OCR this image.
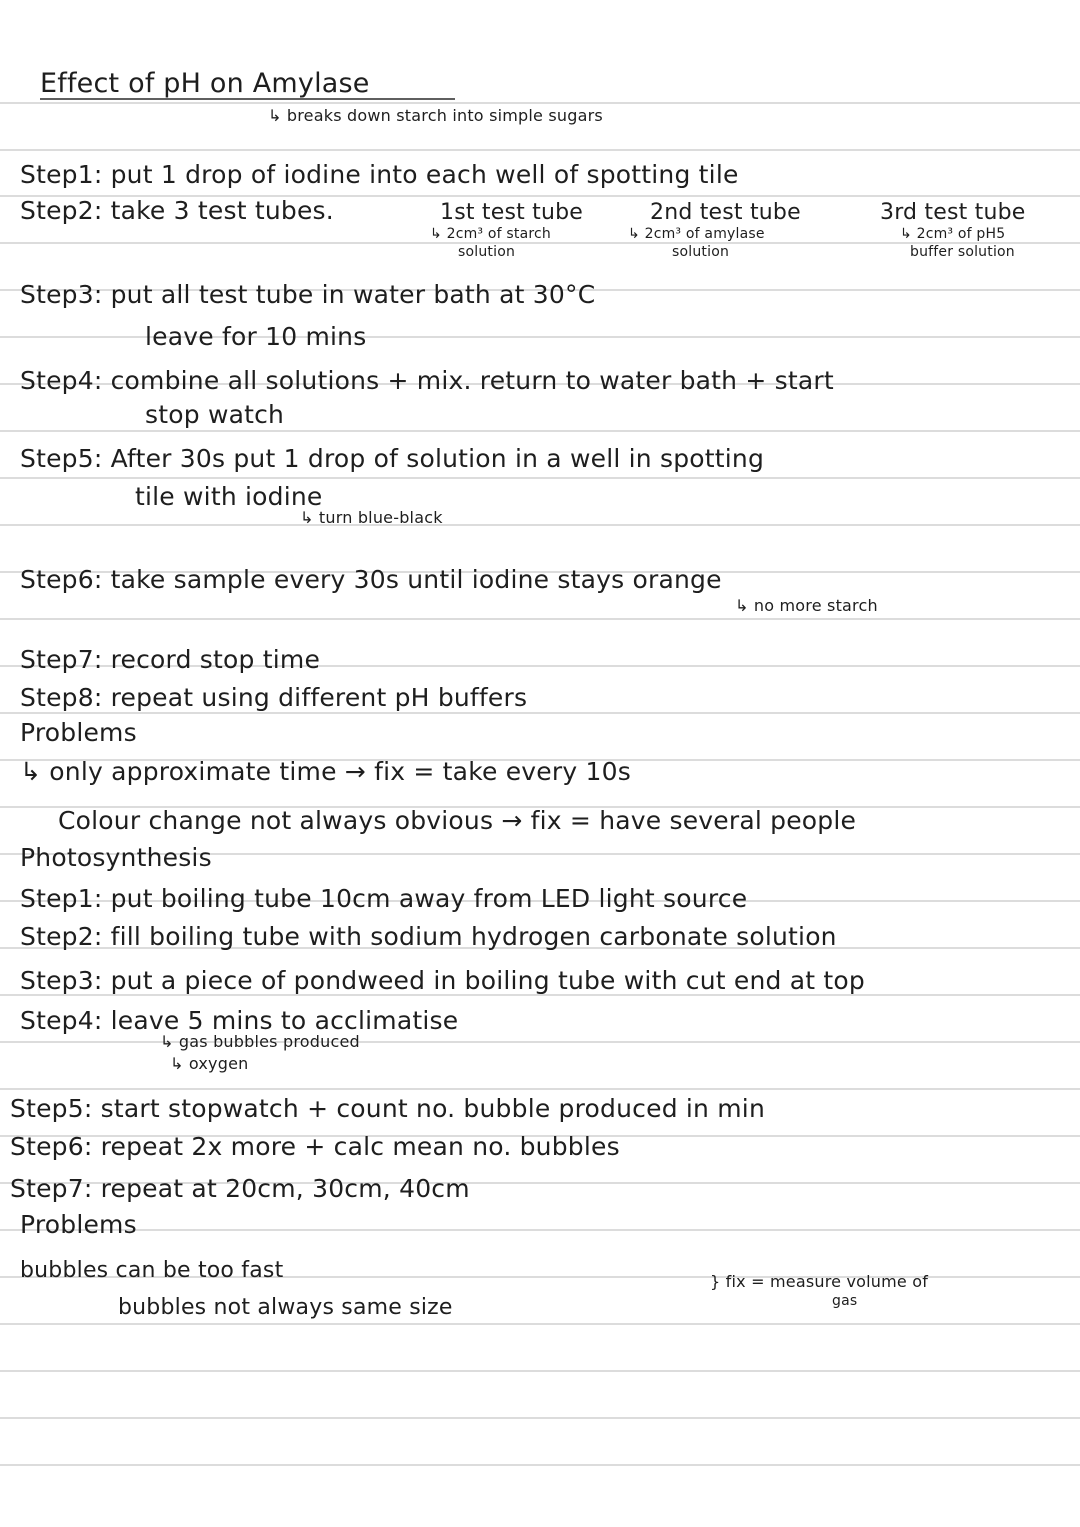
Effect of pH on Amylase
↳ breaks down starch into simple sugars
Step1: put 1 drop of iodine into each well of spotting tile
Step2: take 3 test tubes.	1st test tube	2nd test tube	3rd test tube
↳ 2cm³ of starch
solution
↳ 2cm³ of amylase
solution
↳ 2cm³ of pH5
buffer solution
Step3: put all test tube in water bath at 30°C
leave for 10 mins
Step4: combine all solutions + mix. return to water bath + start
stop watch
Step5: After 30s put 1 drop of solution in a well in spotting
tile with iodine
↳ turn blue-black
Step6: take sample every 30s until iodine stays orange
↳ no more starch
Step7: record stop time
Step8: repeat using different pH buffers
Problems
↳ only approximate time → fix = take every 10s
Colour change not always obvious → fix = have several people
Photosynthesis
Step1: put boiling tube 10cm away from LED light source
Step2: fill boiling tube with sodium hydrogen carbonate solution
Step3: put a piece of pondweed in boiling tube with cut end at top
Step4: leave 5 mins to acclimatise
↳ gas bubbles produced
↳ oxygen
Step5: start stopwatch + count no. bubble produced in min
Step6: repeat 2x more + calc mean no. bubbles
Step7: repeat at 20cm, 30cm, 40cm
Problems
bubbles can be too fast
bubbles not always same size
} fix = measure volume of
gas
